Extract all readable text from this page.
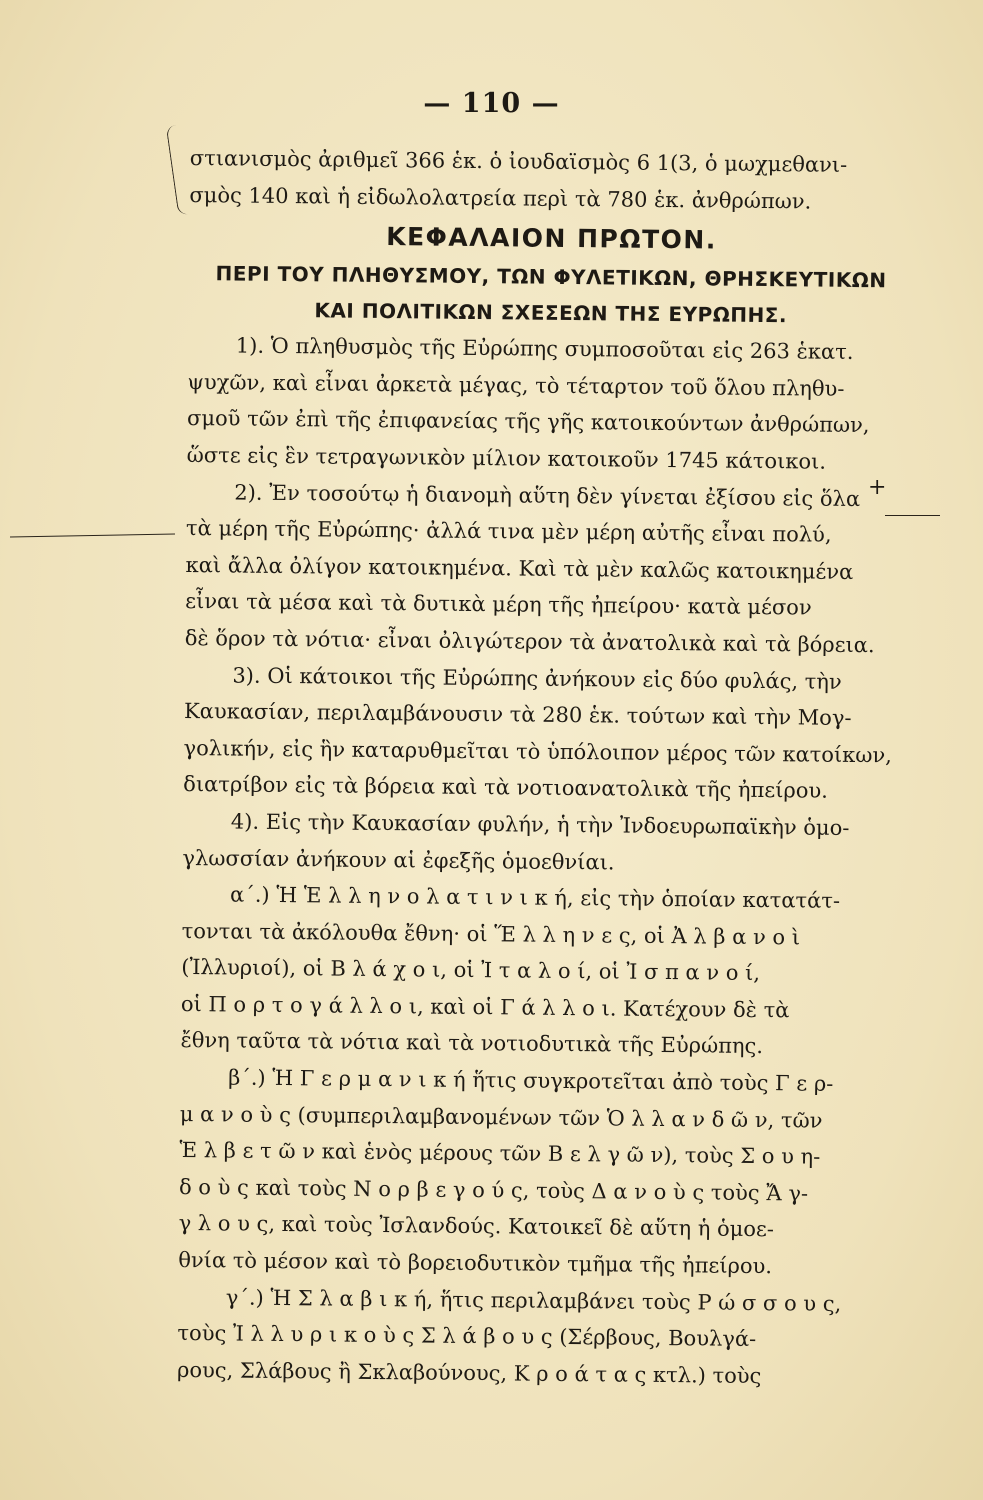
— 110 —
+
στιανισμὸς ἀριθμεῖ 366 ἑκ. ὁ ἰουδαϊσμὸς 6 1(3, ὁ μωχμεθανι-
σμὸς 140 καὶ ἡ εἰδωλολατρεία περὶ τὰ 780 ἑκ. ἀνθρώπων.
ΚΕΦΑΛΑΙΟΝ ΠΡΩΤΟΝ.
ΠΕΡΙ ΤΟΥ ΠΛΗΘΥΣΜΟΥ, ΤΩΝ ΦΥΛΕΤΙΚΩΝ, ΘΡΗΣΚΕΥΤΙΚΩΝ
ΚΑΙ ΠΟΛΙΤΙΚΩΝ ΣΧΕΣΕΩΝ ΤΗΣ ΕΥΡΩΠΗΣ.
1). Ὁ πληθυσμὸς τῆς Εὐρώπης συμποσοῦται εἰς 263 ἑκατ.
ψυχῶν, καὶ εἶναι ἀρκετὰ μέγας, τὸ τέταρτον τοῦ ὅλου πληθυ-
σμοῦ τῶν ἐπὶ τῆς ἐπιφανείας τῆς γῆς κατοικούντων ἀνθρώπων,
ὥστε εἰς ἓν τετραγωνικὸν μίλιον κατοικοῦν 1745 κάτοικοι.
2). Ἐν τοσούτῳ ἡ διανομὴ αὕτη δὲν γίνεται ἐξίσου εἰς ὅλα
τὰ μέρη τῆς Εὐρώπης· ἀλλά τινα μὲν μέρη αὐτῆς εἶναι πολύ,
καὶ ἄλλα ὀλίγον κατοικημένα. Καὶ τὰ μὲν καλῶς κατοικημένα
εἶναι τὰ μέσα καὶ τὰ δυτικὰ μέρη τῆς ἠπείρου· κατὰ μέσον
δὲ ὅρον τὰ νότια· εἶναι ὀλιγώτερον τὰ ἀνατολικὰ καὶ τὰ βόρεια.
3). Οἱ κάτοικοι τῆς Εὐρώπης ἀνήκουν εἰς δύο φυλάς, τὴν
Καυκασίαν, περιλαμβάνουσιν τὰ 280 ἑκ. τούτων καὶ τὴν Μογ-
γολικήν, εἰς ἣν καταρυθμεῖται τὸ ὑπόλοιπον μέρος τῶν κατοίκων,
διατρίβον εἰς τὰ βόρεια καὶ τὰ νοτιοανατολικὰ τῆς ἠπείρου.
4). Εἰς τὴν Καυκασίαν φυλήν, ἡ τὴν Ἰνδοευρωπαϊκὴν ὁμο-
γλωσσίαν ἀνήκουν αἱ ἐφεξῆς ὁμοεθνίαι.
α΄.) Ἡ Ἑ λ λ η ν ο λ α τ ι ν ι κ ή, εἰς τὴν ὁποίαν κατατάτ-
τονται τὰ ἀκόλουθα ἔθνη· οἱ Ἕ λ λ η ν ε ς, οἱ Ἀ λ β α ν ο ὶ
(Ἰλλυριοί), οἱ Β λ ά χ ο ι, οἱ Ἰ τ α λ ο ί, οἱ Ἰ σ π α ν ο ί,
οἱ Π ο ρ τ ο γ ά λ λ ο ι, καὶ οἱ Γ ά λ λ ο ι. Κατέχουν δὲ τὰ
ἔθνη ταῦτα τὰ νότια καὶ τὰ νοτιοδυτικὰ τῆς Εὐρώπης.
β΄.) Ἡ Γ ε ρ μ α ν ι κ ή ἥτις συγκροτεῖται ἀπὸ τοὺς Γ ε ρ-
μ α ν ο ὺ ς (συμπεριλαμβανομένων τῶν Ὁ λ λ α ν δ ῶ ν, τῶν
Ἑ λ β ε τ ῶ ν καὶ ἑνὸς μέρους τῶν Β ε λ γ ῶ ν), τοὺς Σ ο υ η-
δ ο ὺ ς καὶ τοὺς Ν ο ρ β ε γ ο ύ ς, τοὺς Δ α ν ο ὺ ς τοὺς Ἄ γ-
γ λ ο υ ς, καὶ τοὺς Ἰσλανδούς. Κατοικεῖ δὲ αὕτη ἡ ὁμοε-
θνία τὸ μέσον καὶ τὸ βορειοδυτικὸν τμῆμα τῆς ἠπείρου.
γ΄.) Ἡ Σ λ α β ι κ ή, ἥτις περιλαμβάνει τοὺς Ρ ώ σ σ ο υ ς,
τοὺς Ἰ λ λ υ ρ ι κ ο ὺ ς Σ λ ά β ο υ ς (Σέρβους, Βουλγά-
ρους, Σλάβους ἢ Σκλαβούνους, Κ ρ ο ά τ α ς κτλ.) τοὺς
